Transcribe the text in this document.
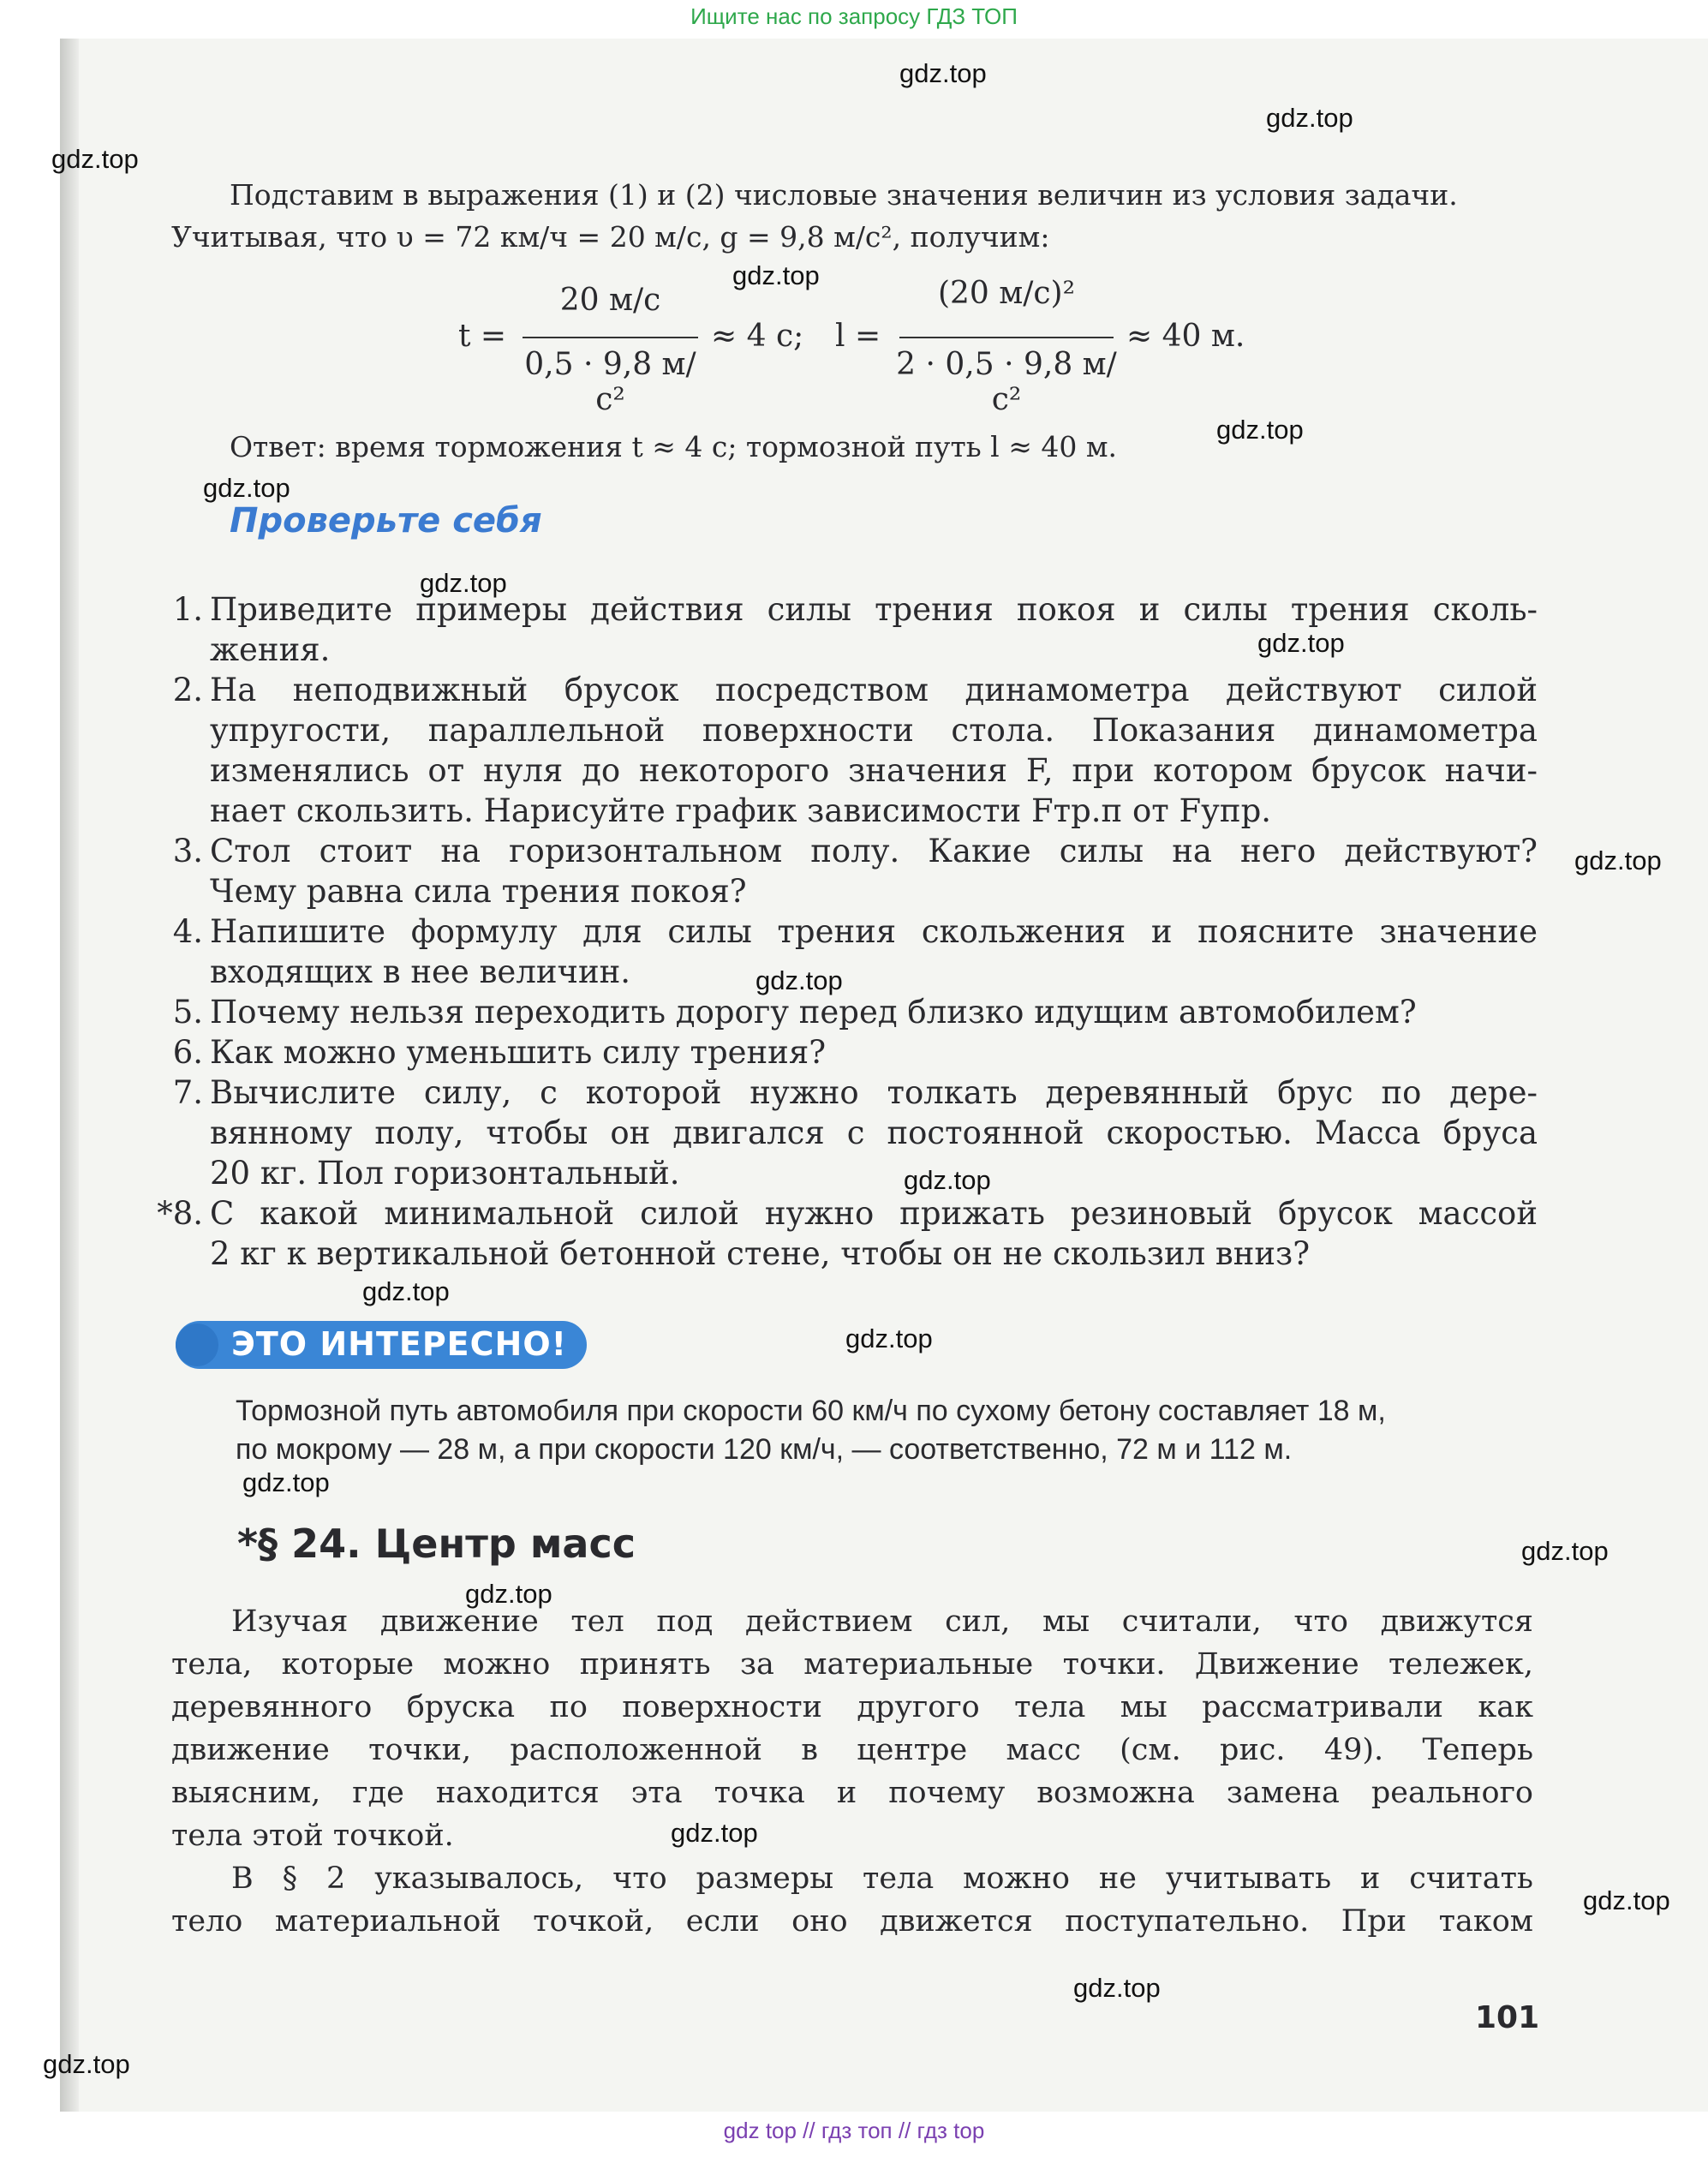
Ищите нас по запросу ГДЗ ТОП
Подставим в выражения (1) и (2) числовые значения величин из условия задачи.
Учитывая, что υ = 72 км/ч = 20 м/с, g = 9,8 м/с², получим:
t =
20 м/с
0,5 · 9,8 м/с²
≈ 4 с; l =
(20 м/с)²
2 · 0,5 · 9,8 м/с²
≈ 40 м.
Ответ: время торможения t ≈ 4 с; тормозной путь l ≈ 40 м.
Проверьте себя
1. Приведите примеры действия силы трения покоя и силы трения сколь-
жения.
2. На неподвижный брусок посредством динамометра действуют силой
упругости, параллельной поверхности стола. Показания динамометра
изменялись от нуля до некоторого значения F, при котором брусок начи-
нает скользить. Нарисуйте график зависимости Fтр.п от Fупр.
3. Стол стоит на горизонтальном полу. Какие силы на него действуют?
Чему равна сила трения покоя?
4. Напишите формулу для силы трения скольжения и поясните значение
входящих в нее величин.
5. Почему нельзя переходить дорогу перед близко идущим автомобилем?
6. Как можно уменьшить силу трения?
7. Вычислите силу, с которой нужно толкать деревянный брус по дере-
вянному полу, чтобы он двигался с постоянной скоростью. Масса бруса
20 кг. Пол горизонтальный.
*8. С какой минимальной силой нужно прижать резиновый брусок массой
2 кг к вертикальной бетонной стене, чтобы он не скользил вниз?
ЭТО ИНТЕРЕСНО!
Тормозной путь автомобиля при скорости 60 км/ч по сухому бетону составляет 18 м,
по мокрому — 28 м, а при скорости 120 км/ч, — соответственно, 72 м и 112 м.
*§ 24. Центр масс
Изучая движение тел под действием сил, мы считали, что движутся
тела, которые можно принять за материальные точки. Движение тележек,
деревянного бруска по поверхности другого тела мы рассматривали как
движение точки, расположенной в центре масс (см. рис. 49). Теперь
выясним, где находится эта точка и почему возможна замена реального
тела этой точкой.
В § 2 указывалось, что размеры тела можно не учитывать и считать
тело материальной точкой, если оно движется поступательно. При таком
101
gdz.top
gdz.top
gdz.top
gdz.top
gdz.top
gdz.top
gdz.top
gdz.top
gdz.top
gdz.top
gdz.top
gdz.top
gdz.top
gdz.top
gdz.top
gdz.top
gdz.top
gdz.top
gdz.top
gdz.top
gdz top // гдз топ // гдз top
